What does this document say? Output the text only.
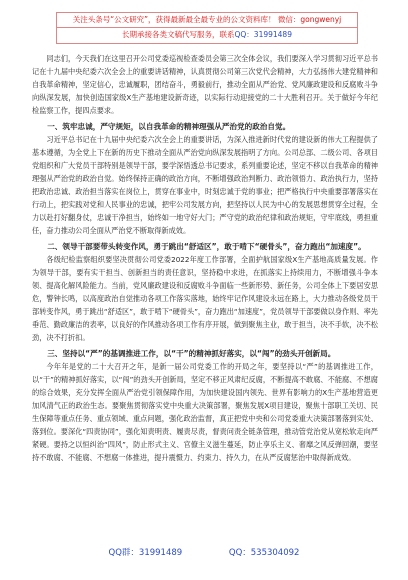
关注头条号“公文研究”，获得最新最全最专业的公文资料库！ 微信：gongwenyj
长期承接各类文稿代写服务，联系QQ：31991489

同志们，今天我们在这里召开公司党委巡视检查委员会第三次全体会议，我们要深入学习贯彻习近平总书记在十九届中央纪委六次全会上的重要讲话精神，认真贯彻公司第三次党代会精神，大力弘扬伟大建党精神和自我革命精神，坚定信心，忠诚履职，团结奋斗，勇毅前行，推动全面从严治党、党风廉政建设和反腐败斗争向纵深发展，加快创造国家级X生产基地建设新奇迹，以实际行动迎接党的二十大胜利召开。关于做好今年纪检监察工作，提四点要求。

一、筑牢忠诚，严守规矩，以自我革命的精神理强从严治党的政治自觉。

习近平总书记在十九届中央纪委六次全会上的重要讲话，为深入推进新时代党的建设新的伟大工程提供了基本遵循，为全党上下在新的历史下推动全面从严治党向纵深发展指明了方向。公司总部、二级公司、各项目党组织和广大党员干部特别是领导干部，要学深悟透总书记要求，系列重要论述，坚定不移以自我革命的精神理强从严治党的政治自觉。始终保持正确的政治方向，不断增强政治判断力、政治领悟力、政治执行力，坚持把政治忠诚、政治担当落实在岗位上，贯穿在事业中，时刻忠诚于党的事业；把严格执行中央重要部署落实在行动上，把实践对党和人民事业的忠诚，把牢公司发展方向，把坚持以人民为中心的发展思想贯穿全过程，全力以赴打好翻身仗，忠诚干净担当，始终如一地守好大门；严守党的政治纪律和政治规矩，守牢底线，勇担重任，奋力推动公司全面从严治党不断取得新成效。

二、领导干部要带头转变作风，勇于跳出“舒适区”，敢于啃下“硬骨头”，奋力跑出“加速度”。

各级纪检监察组织要坚决贯彻公司党委2022年度工作部署，全面护航国家级X生产基地高质量发展。作为领导干部，要有实干担当、创新担当的责任意识，坚持稳中求进，在抓落实上持续用力，不断增强斗争本领、提高化解风险能力。当前，党风廉政建设和反腐败斗争面临一些新形势、新任务，公司全体上下要居安思危，警钟长鸣，以高度政治自觉推动各项工作落实落地，始终牢记作风建设永远在路上，大力推动各级党员干部转变作风，勇于跳出“舒适区”，敢于啃下“硬骨头”，奋力跑出“加速度”，党员领导干部要做以身作则、率先垂范、勤政廉洁的表率，以良好的作风推动各项工作有序开展，做到聚焦主业，敢于担当，决不手软，决不松劲，决不打折扣。

三、坚持以“严”的基调推进工作，以“干”的精神抓好落实，以“闯”的劲头开创新局。

今年年是党的二十大召开之年，是新一届公司党委工作的开局之年，要坚持以“严”的基调推进工作，以“干”的精神抓好落实，以“闯”的劲头开创新局，坚定不移正风肃纪反腐，不断提高不敢腐、不能腐、不想腐的综合效果，充分发挥全面从严治党引领保障作用，为加快建设国内领先、世界有影响力的X生产基地营造更加风清气正的政治生态。要聚焦贯彻落实党中央重大决策部署，聚焦发展X项目建设，聚焦十部职工关切、民生保障等重点任务、重点领域、重点问题，强化政治监督，真正把党中央和公司党委重大决策部署落到实处、落到位。要深化“四责协同”，强化知责明责、履责尽责，督责问责全链条管理，推动管党治党从宽松软走向严紧硬。要持之以恒纠治“四风”，防止形式主义、官僚主义滋生蔓延，防止享乐主义、奢靡之风反弹回潮，要坚持不敢腐、不能腐、不想腐一体推进，提升震慑力、约束力、持久力，在从严反腐惩治中取得新成效。

QQ群：31991489	QQ：535304092
